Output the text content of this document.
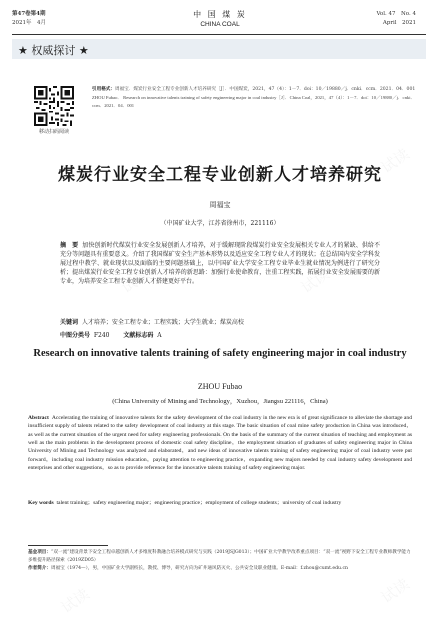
第47卷第4期
2021年　4月
中 国 煤 炭
CHINA COAL
Vol. 47　No. 4
April　2021
★ 权威探讨 ★
移动扫码阅读
引用格式：周福宝．煤炭行业安全工程专业创新人才培养研究［J］．中国煤炭，2021，47（4）：1－7．doi：10／19880／j．cnki．ccm．2021．04．001
ZHOU Fubao． Research on innovative talents training of safety engineering major in coal industry［J］．China Coal，2021，47（4）：1－7．doi：10／19880／j．cnki．ccm．2021．04．001
煤炭行业安全工程专业创新人才培养研究
周福宝
（中国矿业大学，江苏省徐州市，221116）
摘　要 加快创新时代煤炭行业安全发展创新人才培养，对于缓解现阶段煤炭行业安全发展相关专业人才的紧缺、供给不充分等问题具有重要意义。介绍了我国煤矿安全生产基本形势以及适应安全工程专业人才的现状；在总结国内安全学科发展过程中教学、就业现状以及面临的主要问题基础上，以中国矿业大学安全工程专业毕业生就业情况为例进行了研究分析；提出煤炭行业安全工程专业创新人才培养的新思路：加强行业使命教育，注重工程实践，拓展行业安全发展需要的新专业，为培养安全工程专业创新人才搭建更好平台。
关键词 人才培养；安全工程专业；工程实践；大学生就业；煤炭高校
中图分类号 F240 文献标志码 A
Research on innovative talents training of safety engineering major in coal industry
ZHOU Fubao
(China University of Mining and Technology，Xuzhou，Jiangsu 221116，China)
Abstract Accelerating the training of innovative talents for the safety development of the coal industry in the new era is of great significance to alleviate the shortage and insufficient supply of talents related to the safety development of coal industry at this stage. The basic situation of coal mine safety production in China was introduced，as well as the current situation of the urgent need for safety engineering professionals. On the basis of the summary of the current situation of teaching and employment as well as the main problems in the development process of domestic coal safety discipline，the employment situation of graduates of safety engineering major in China University of Mining and Technology was analyzed and elaborated，and new ideas of innovative talents training of safety engineering major of coal industry were put forward，including coal industry mission education，paying attention to engineering practice，expanding new majors needed by coal industry safety development and enterprises and other suggestions，so as to provide reference for the innovative talents training of safety engineering major.
Key words talent training；safety engineering major；engineering practice；employment of college students；university of coal industry
基金项目：“双一流”建设背景下安全工程卓越创新人才多维度科教融合培养模式研究与实践（2019JSJG013）；中国矿业大学教学改革重点项目：“双一流”视野下安全工程专业教师教学能力多维提升路径探索（2019ZD05）
作者简介：周福宝（1974—），男，中国矿业大学副校长，教授、博导，研究方向为矿井通风防灭火、公共安全及职业健康。E-mail：f.zhou@cumt.edu.cn
